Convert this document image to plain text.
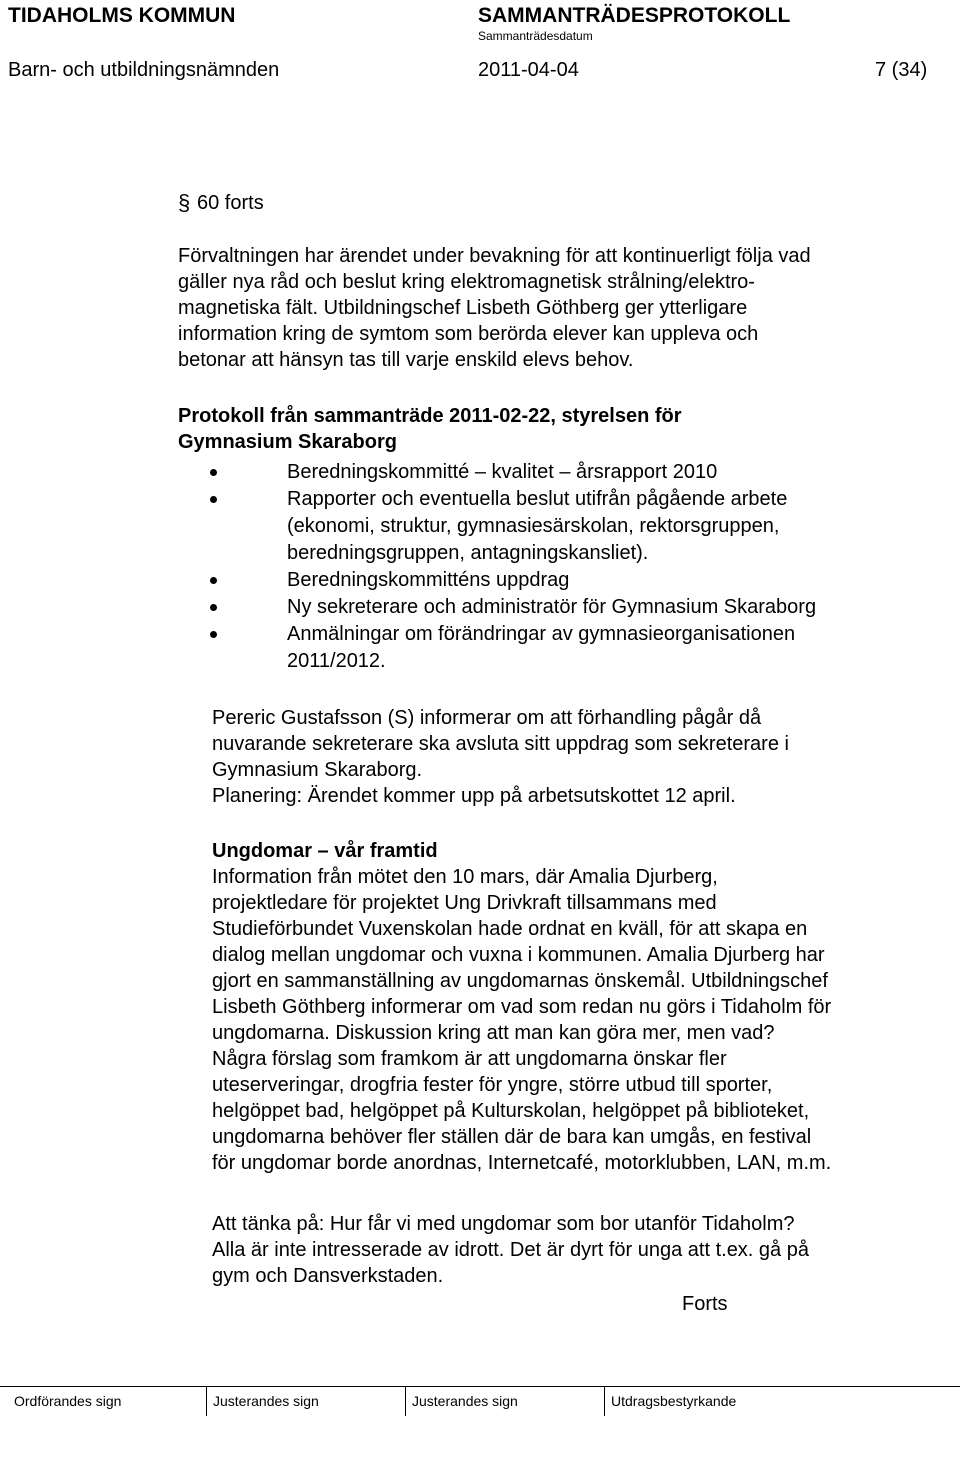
TIDAHOLMS KOMMUN	SAMMANTRÄDESPROTOKOLL
Sammanträdesdatum
Barn- och utbildningsnämnden	2011-04-04	7 (34)
§ 60 forts
Förvaltningen har ärendet under bevakning för att kontinuerligt följa vad
gäller nya råd och beslut kring elektromagnetisk strålning/elektro-
magnetiska fält. Utbildningschef Lisbeth Göthberg ger ytterligare
information kring de symtom som berörda elever kan uppleva och
betonar att hänsyn tas till varje enskild elevs behov.
Protokoll från sammanträde 2011-02-22, styrelsen för
Gymnasium Skaraborg
Beredningskommitté – kvalitet – årsrapport 2010
Rapporter och eventuella beslut utifrån pågående arbete
(ekonomi, struktur, gymnasiesärskolan, rektorsgruppen,
beredningsgruppen, antagningskansliet).
Beredningskommitténs uppdrag
Ny sekreterare och administratör för Gymnasium Skaraborg
Anmälningar om förändringar av gymnasieorganisationen
2011/2012.
Pereric Gustafsson (S) informerar om att förhandling pågår då
nuvarande sekreterare ska avsluta sitt uppdrag som sekreterare i
Gymnasium Skaraborg.
Planering: Ärendet kommer upp på arbetsutskottet 12 april.
Ungdomar – vår framtid
Information från mötet den 10 mars, där Amalia Djurberg,
projektledare för projektet Ung Drivkraft tillsammans med
Studieförbundet Vuxenskolan hade ordnat en kväll, för att skapa en
dialog mellan ungdomar och vuxna i kommunen. Amalia Djurberg har
gjort en sammanställning av ungdomarnas önskemål. Utbildningschef
Lisbeth Göthberg informerar om vad som redan nu görs i Tidaholm för
ungdomarna. Diskussion kring att man kan göra mer, men vad?
Några förslag som framkom är att ungdomarna önskar fler
uteserveringar, drogfria fester för yngre, större utbud till sporter,
helgöppet bad, helgöppet på Kulturskolan, helgöppet på biblioteket,
ungdomarna behöver fler ställen där de bara kan umgås, en festival
för ungdomar borde anordnas, Internetcafé, motorklubben, LAN, m.m.
Att tänka på: Hur får vi med ungdomar som bor utanför Tidaholm?
Alla är inte intresserade av idrott. Det är dyrt för unga att t.ex. gå på
gym och Dansverkstaden.
Forts
Ordförandes sign	Justerandes sign	Justerandes sign	Utdragsbestyrkande
